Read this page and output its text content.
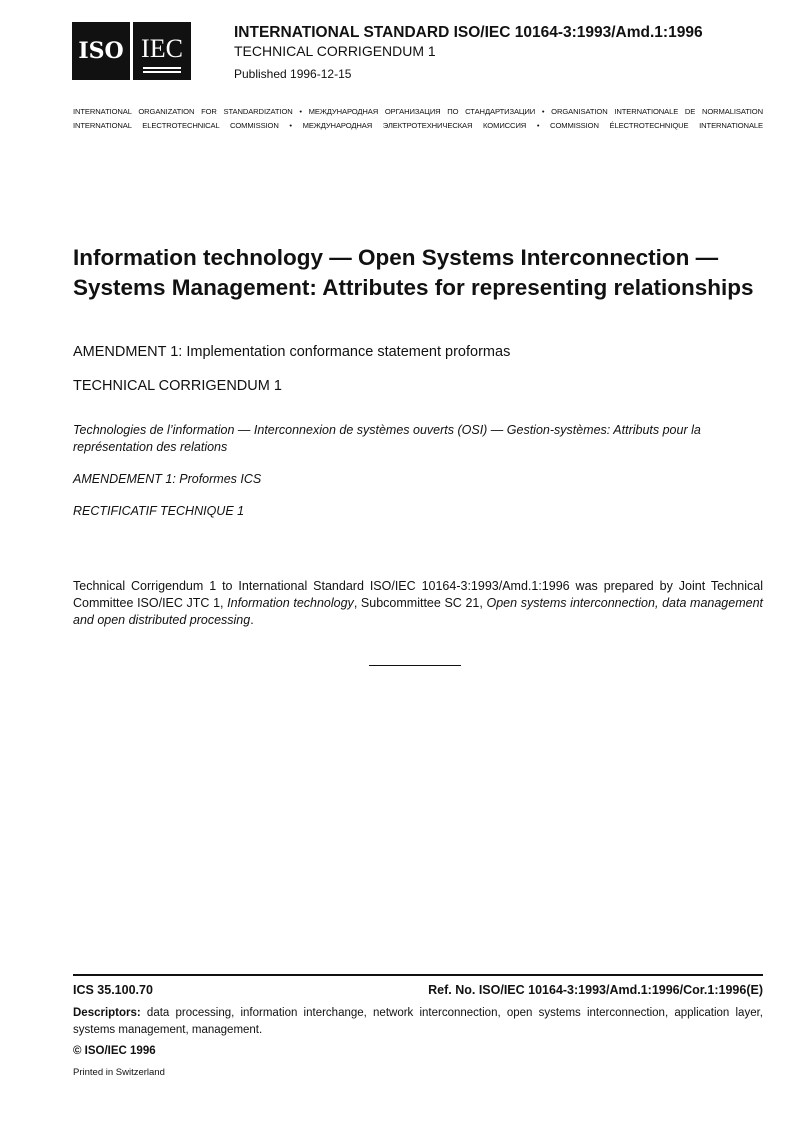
ISO IEC
INTERNATIONAL STANDARD ISO/IEC 10164-3:1993/Amd.1:1996
TECHNICAL CORRIGENDUM 1
Published 1996-12-15
INTERNATIONAL ORGANIZATION FOR STANDARDIZATION • МЕЖДУНАРОДНАЯ ОРГАНИЗАЦИЯ ПО СТАНДАРТИЗАЦИИ • ORGANISATION INTERNATIONALE DE NORMALISATION
INTERNATIONAL ELECTROTECHNICAL COMMISSION • МЕЖДУНАРОДНАЯ ЭЛЕКТРОТЕХНИЧЕСКАЯ КОМИССИЯ • COMMISSION ÉLECTROTECHNIQUE INTERNATIONALE
Information technology — Open Systems Interconnection — Systems Management: Attributes for representing relationships
AMENDMENT 1: Implementation conformance statement proformas
TECHNICAL CORRIGENDUM 1
Technologies de l’information — Interconnexion de systèmes ouverts (OSI) — Gestion-systèmes: Attributs pour la représentation des relations
AMENDEMENT 1: Proformes ICS
RECTIFICATIF TECHNIQUE 1
Technical Corrigendum 1 to International Standard ISO/IEC 10164-3:1993/Amd.1:1996 was prepared by Joint Technical Committee ISO/IEC JTC 1, Information technology, Subcommittee SC 21, Open systems interconnection, data management and open distributed processing.
ICS 35.100.70	Ref. No. ISO/IEC 10164-3:1993/Amd.1:1996/Cor.1:1996(E)
Descriptors: data processing, information interchange, network interconnection, open systems interconnection, application layer, systems management, management.
© ISO/IEC 1996
Printed in Switzerland
